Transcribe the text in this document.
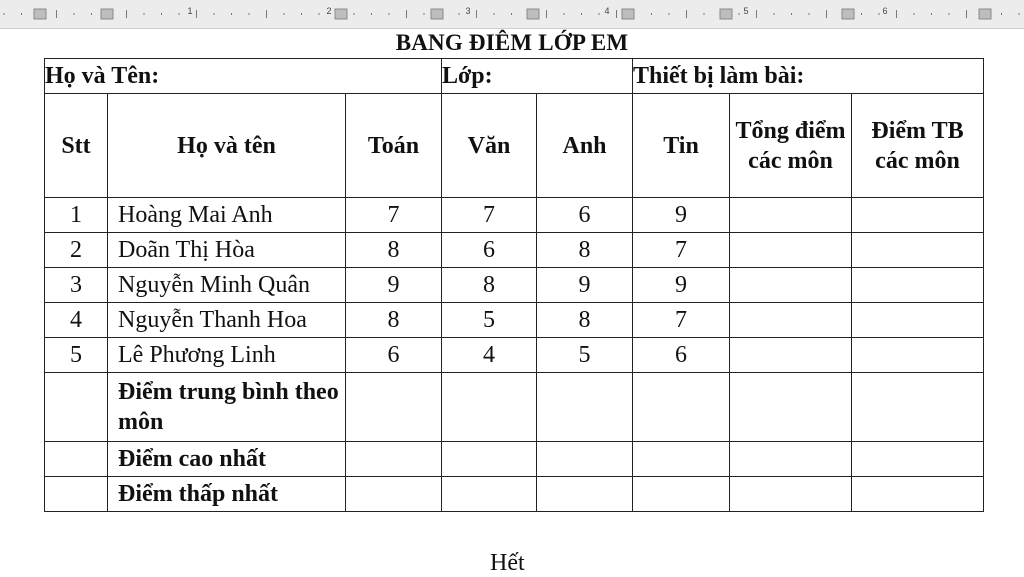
1	2	3	4	5	6
BANG ĐIÊM LỚP EM
Họ và Tên:			Lớp:		Thiết bị làm bài:		
Stt	Họ và tên	Toán	Văn	Anh	Tin	Tổng điểm các môn	Điểm TB các môn
1	Hoàng Mai Anh	7	7	6	9		
2	Doãn Thị Hòa	8	6	8	7		
3	Nguyễn Minh Quân	9	8	9	9		
4	Nguyễn Thanh Hoa	8	5	8	7		
5	Lê Phương Linh	6	4	5	6		
	Điểm trung bình theo môn						
	Điểm cao nhất						
	Điểm thấp nhất						
Hết
